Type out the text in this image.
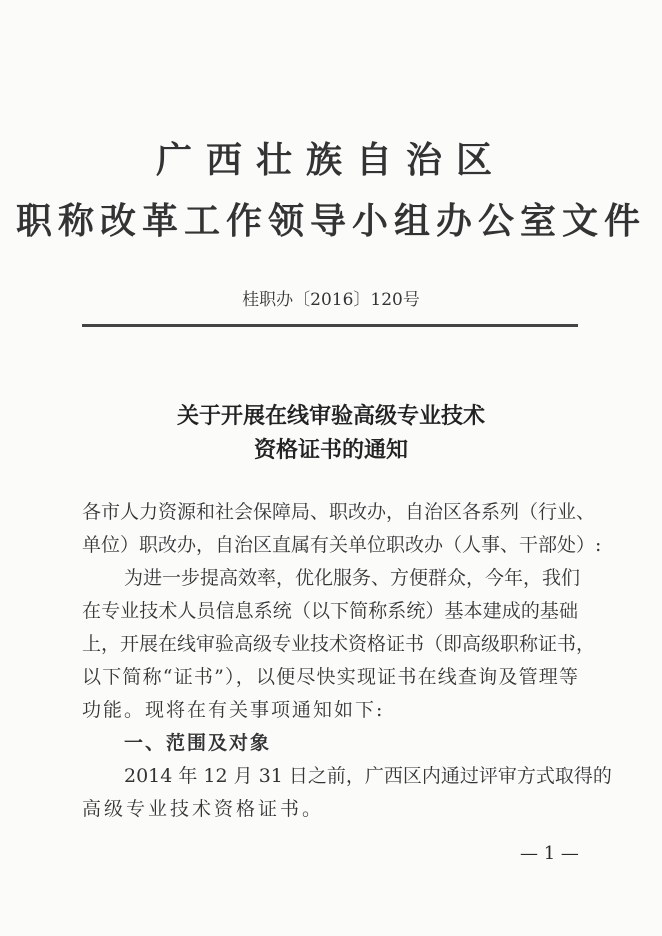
广西壮族自治区
职称改革工作领导小组办公室文件
桂职办〔2016〕120号
关于开展在线审验高级专业技术
资格证书的通知
各市人力资源和社会保障局、职改办，自治区各系列（行业、
单位）职改办，自治区直属有关单位职改办（人事、干部处）:
为进一步提高效率，优化服务、方便群众，今年，我们
在专业技术人员信息系统（以下简称系统）基本建成的基础
上，开展在线审验高级专业技术资格证书（即高级职称证书，
以下简称“证书”），以便尽快实现证书在线查询及管理等
功能。现将在有关事项通知如下:
一、范围及对象
2014 年 12 月 31 日之前，广西区内通过评审方式取得的
高级专业技术资格证书。
— 1 —
